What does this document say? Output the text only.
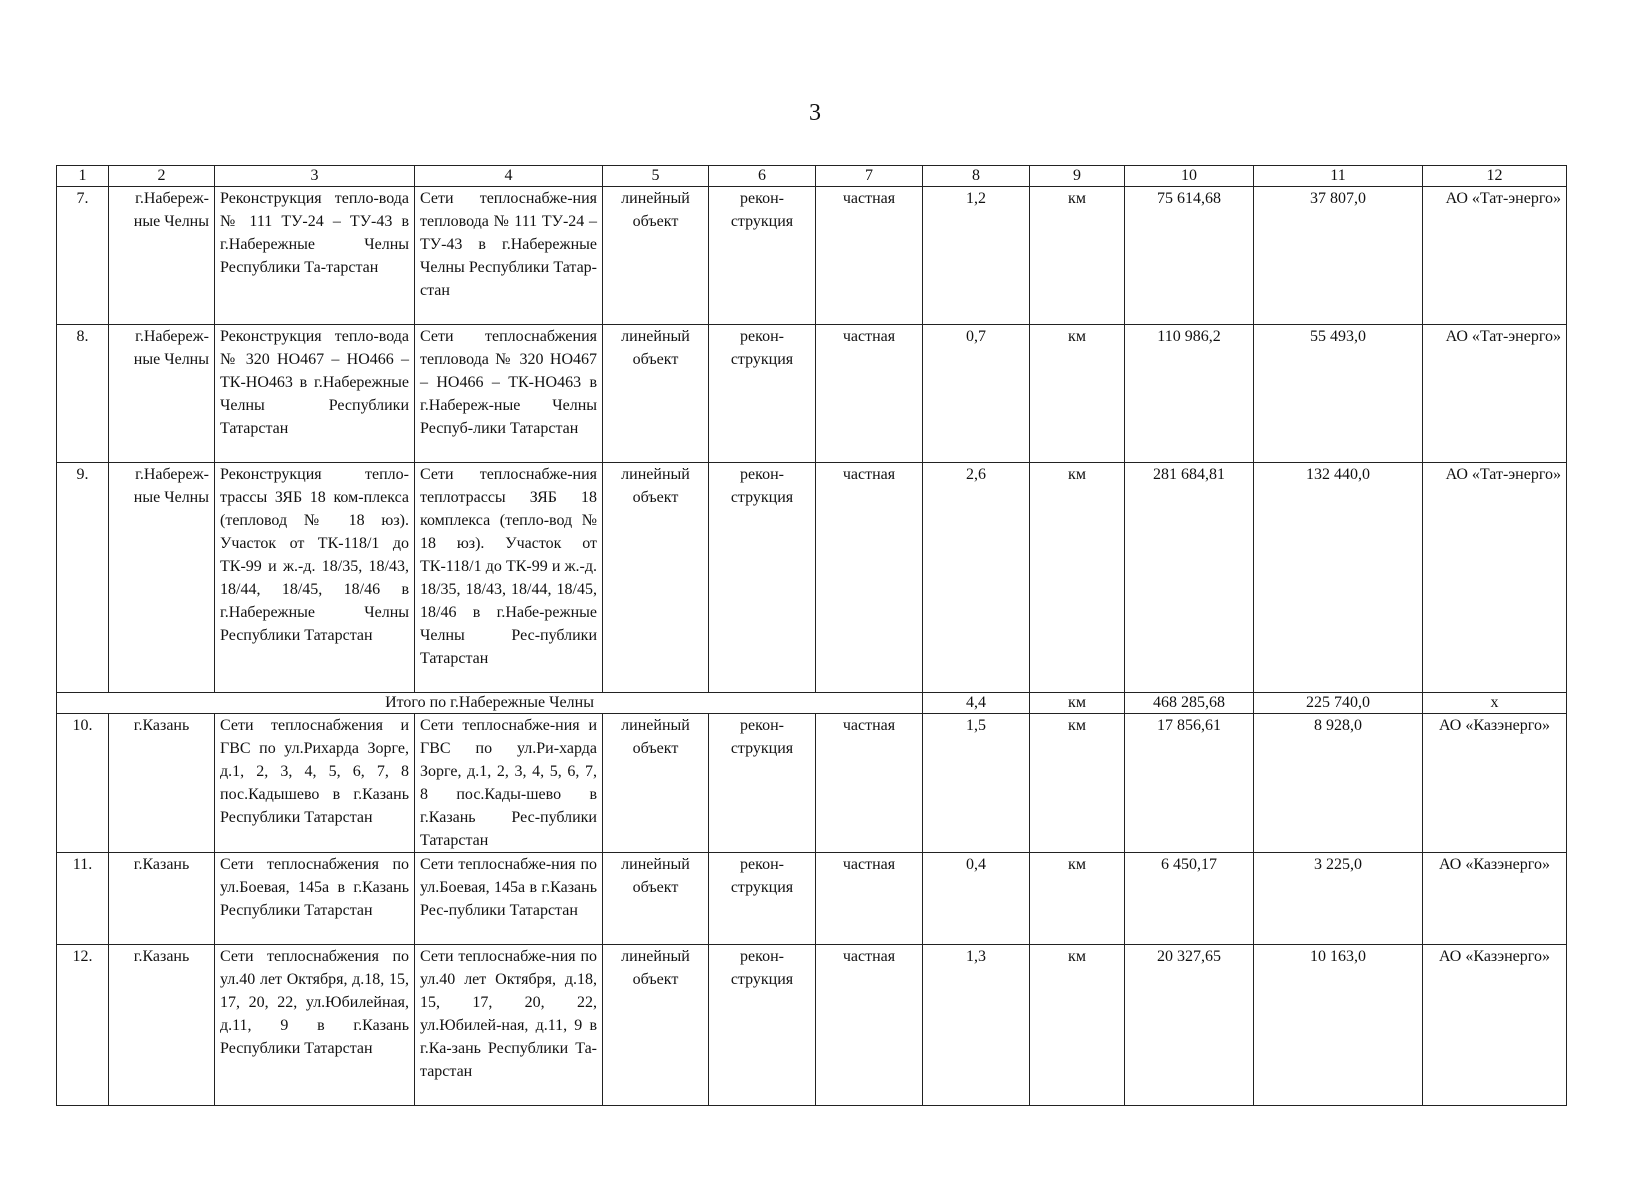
3
1	2	3	4	5	6	7	8	9	10	11	12
7.	г.Набереж-ные Челны	Реконструкция тепло-вода № 111 ТУ-24 – ТУ-43 в г.Набережные Челны Республики Та-тарстан	Сети теплоснабже-ния тепловода № 111 ТУ-24 – ТУ-43 в г.Набережные Челны Республики Татар-стан	линейный объект	рекон-струкция	частная	1,2	км	75 614,68	37 807,0	АО «Тат-энерго»
8.	г.Набереж-ные Челны	Реконструкция тепло-вода № 320 НО467 – НО466 – ТК-НО463 в г.Набережные Челны Республики Татарстан	Сети теплоснабжения тепловода № 320 НО467 – НО466 – ТК-НО463 в г.Набереж-ные Челны Респуб-лики Татарстан	линейный объект	рекон-струкция	частная	0,7	км	110 986,2	55 493,0	АО «Тат-энерго»
9.	г.Набереж-ные Челны	Реконструкция тепло-трассы ЗЯБ 18 ком-плекса (тепловод № 18 юз). Участок от ТК-118/1 до ТК-99 и ж.-д. 18/35, 18/43, 18/44, 18/45, 18/46 в г.Набережные Челны Республики Татарстан	Сети теплоснабже-ния теплотрассы ЗЯБ 18 комплекса (тепло-вод № 18 юз). Участок от ТК-118/1 до ТК-99 и ж.-д. 18/35, 18/43, 18/44, 18/45, 18/46 в г.Набе-режные Челны Рес-публики Татарстан	линейный объект	рекон-струкция	частная	2,6	км	281 684,81	132 440,0	АО «Тат-энерго»
Итого по г.Набережные Челны							4,4	км	468 285,68	225 740,0	x
10.	г.Казань	Сети теплоснабжения и ГВС по ул.Рихарда Зорге, д.1, 2, 3, 4, 5, 6, 7, 8 пос.Кадышево в г.Казань Республики Татарстан	Сети теплоснабже-ния и ГВС по ул.Ри-харда Зорге, д.1, 2, 3, 4, 5, 6, 7, 8 пос.Кады-шево в г.Казань Рес-публики Татарстан	линейный объект	рекон-струкция	частная	1,5	км	17 856,61	8 928,0	АО «Казэнерго»
11.	г.Казань	Сети теплоснабжения по ул.Боевая, 145а в г.Казань Республики Татарстан	Сети теплоснабже-ния по ул.Боевая, 145а в г.Казань Рес-публики Татарстан	линейный объект	рекон-струкция	частная	0,4	км	6 450,17	3 225,0	АО «Казэнерго»
12.	г.Казань	Сети теплоснабжения по ул.40 лет Октября, д.18, 15, 17, 20, 22, ул.Юбилейная, д.11, 9 в г.Казань Республики Татарстан	Сети теплоснабже-ния по ул.40 лет Октября, д.18, 15, 17, 20, 22, ул.Юбилей-ная, д.11, 9 в г.Ка-зань Республики Та-тарстан	линейный объект	рекон-струкция	частная	1,3	км	20 327,65	10 163,0	АО «Казэнерго»
